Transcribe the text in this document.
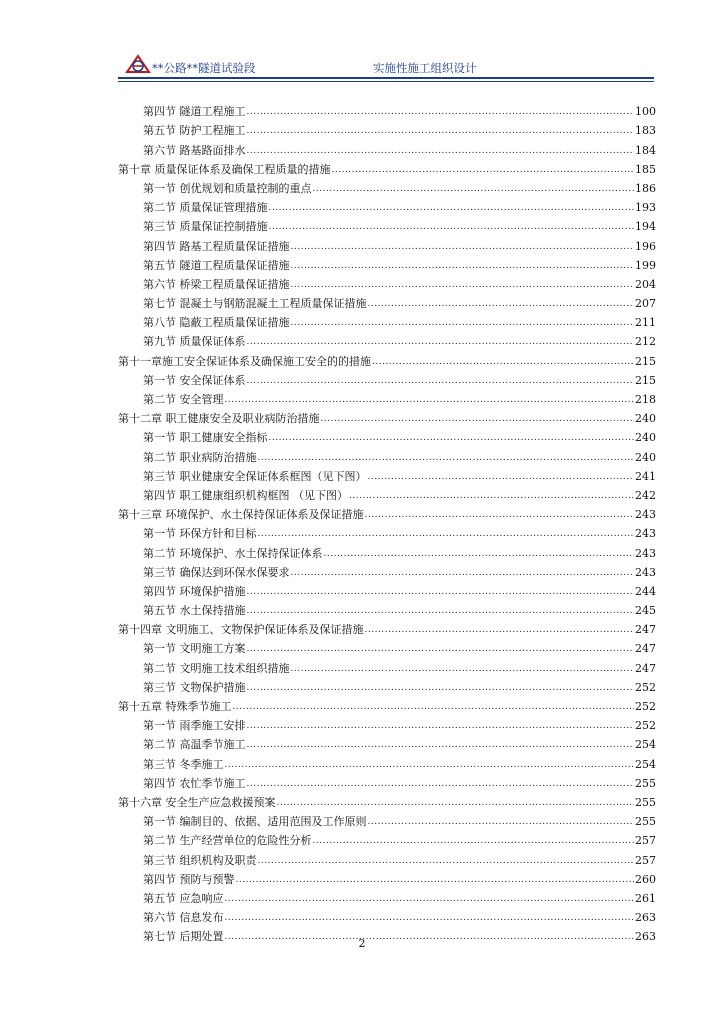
**公路**隧道试验段	实施性施工组织设计
第四节 隧道工程施工 .....	100
第五节 防护工程施工 .....	183
第六节 路基路面排水 .....	184
第十章 质量保证体系及确保工程质量的措施 .....	185
第一节 创优规划和质量控制的重点 .....	186
第二节 质量保证管理措施 .....	193
第三节 质量保证控制措施 .....	194
第四节 路基工程质量保证措施 .....	196
第五节 隧道工程质量保证措施 .....	199
第六节 桥梁工程质量保证措施 .....	204
第七节 混凝土与钢筋混凝土工程质量保证措施 .....	207
第八节 隐蔽工程质量保证措施 .....	211
第九节 质量保证体系 .....	212
第十一章施工安全保证体系及确保施工安全的的措施 .....	215
第一节 安全保证体系 .....	215
第二节 安全管理 .....	218
第十二章 职工健康安全及职业病防治措施 .....	240
第一节 职工健康安全指标 .....	240
第二节 职业病防治措施 .....	240
第三节 职业健康安全保证体系框图（见下图） .....	241
第四节 职工健康组织机构框图 （见下图） .....	242
第十三章 环境保护、水土保持保证体系及保证措施 .....	243
第一节 环保方针和目标 .....	243
第二节 环境保护、水土保持保证体系 .....	243
第三节 确保达到环保水保要求 .....	243
第四节 环境保护措施 .....	244
第五节 水土保持措施 .....	245
第十四章 文明施工、文物保护保证体系及保证措施 .....	247
第一节 文明施工方案 .....	247
第二节 文明施工技术组织措施 .....	247
第三节 文物保护措施 .....	252
第十五章 特殊季节施工 .....	252
第一节 雨季施工安排 .....	252
第二节 高温季节施工 .....	254
第三节 冬季施工 .....	254
第四节 农忙季节施工 .....	255
第十六章 安全生产应急救援预案 .....	255
第一节 编制目的、依据、适用范围及工作原则 .....	255
第二节 生产经营单位的危险性分析 .....	257
第三节 组织机构及职责 .....	257
第四节 预防与预警 .....	260
第五节 应急响应 .....	261
第六节 信息发布 .....	263
第七节 后期处置 .....	263
2
